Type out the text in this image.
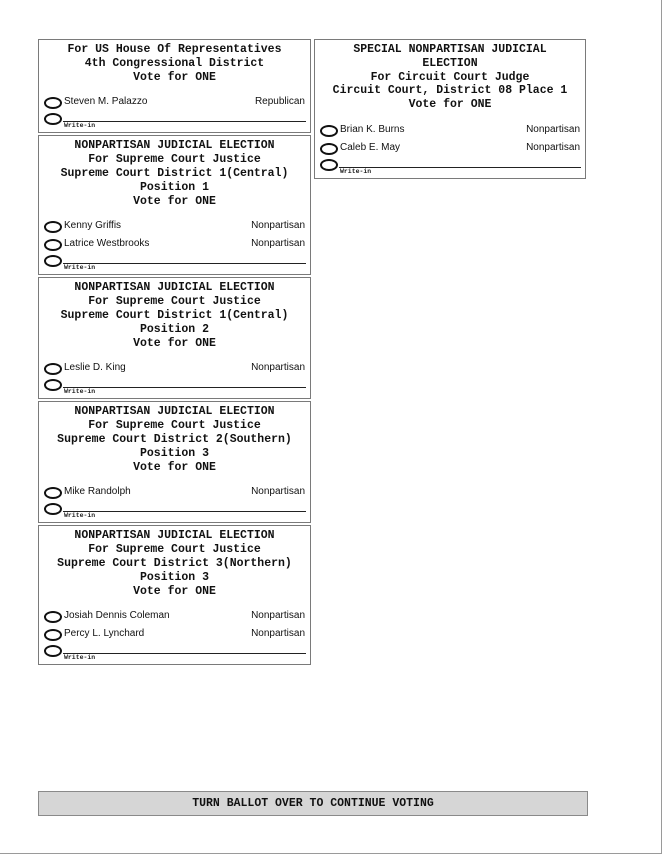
For US House Of Representatives
4th Congressional District
Vote for ONE
Steven M. Palazzo	Republican
Write-in
NONPARTISAN JUDICIAL ELECTION
For Supreme Court Justice
Supreme Court District 1(Central)
Position 1
Vote for ONE
Kenny Griffis	Nonpartisan
Latrice Westbrooks	Nonpartisan
Write-in
NONPARTISAN JUDICIAL ELECTION
For Supreme Court Justice
Supreme Court District 1(Central)
Position 2
Vote for ONE
Leslie D. King	Nonpartisan
Write-in
NONPARTISAN JUDICIAL ELECTION
For Supreme Court Justice
Supreme Court District 2(Southern)
Position 3
Vote for ONE
Mike Randolph	Nonpartisan
Write-in
NONPARTISAN JUDICIAL ELECTION
For Supreme Court Justice
Supreme Court District 3(Northern)
Position 3
Vote for ONE
Josiah Dennis Coleman	Nonpartisan
Percy L. Lynchard	Nonpartisan
Write-in
SPECIAL NONPARTISAN JUDICIAL
ELECTION
For Circuit Court Judge
Circuit Court, District 08 Place 1
Vote for ONE
Brian K. Burns	Nonpartisan
Caleb E. May	Nonpartisan
Write-in
TURN BALLOT OVER TO CONTINUE VOTING
